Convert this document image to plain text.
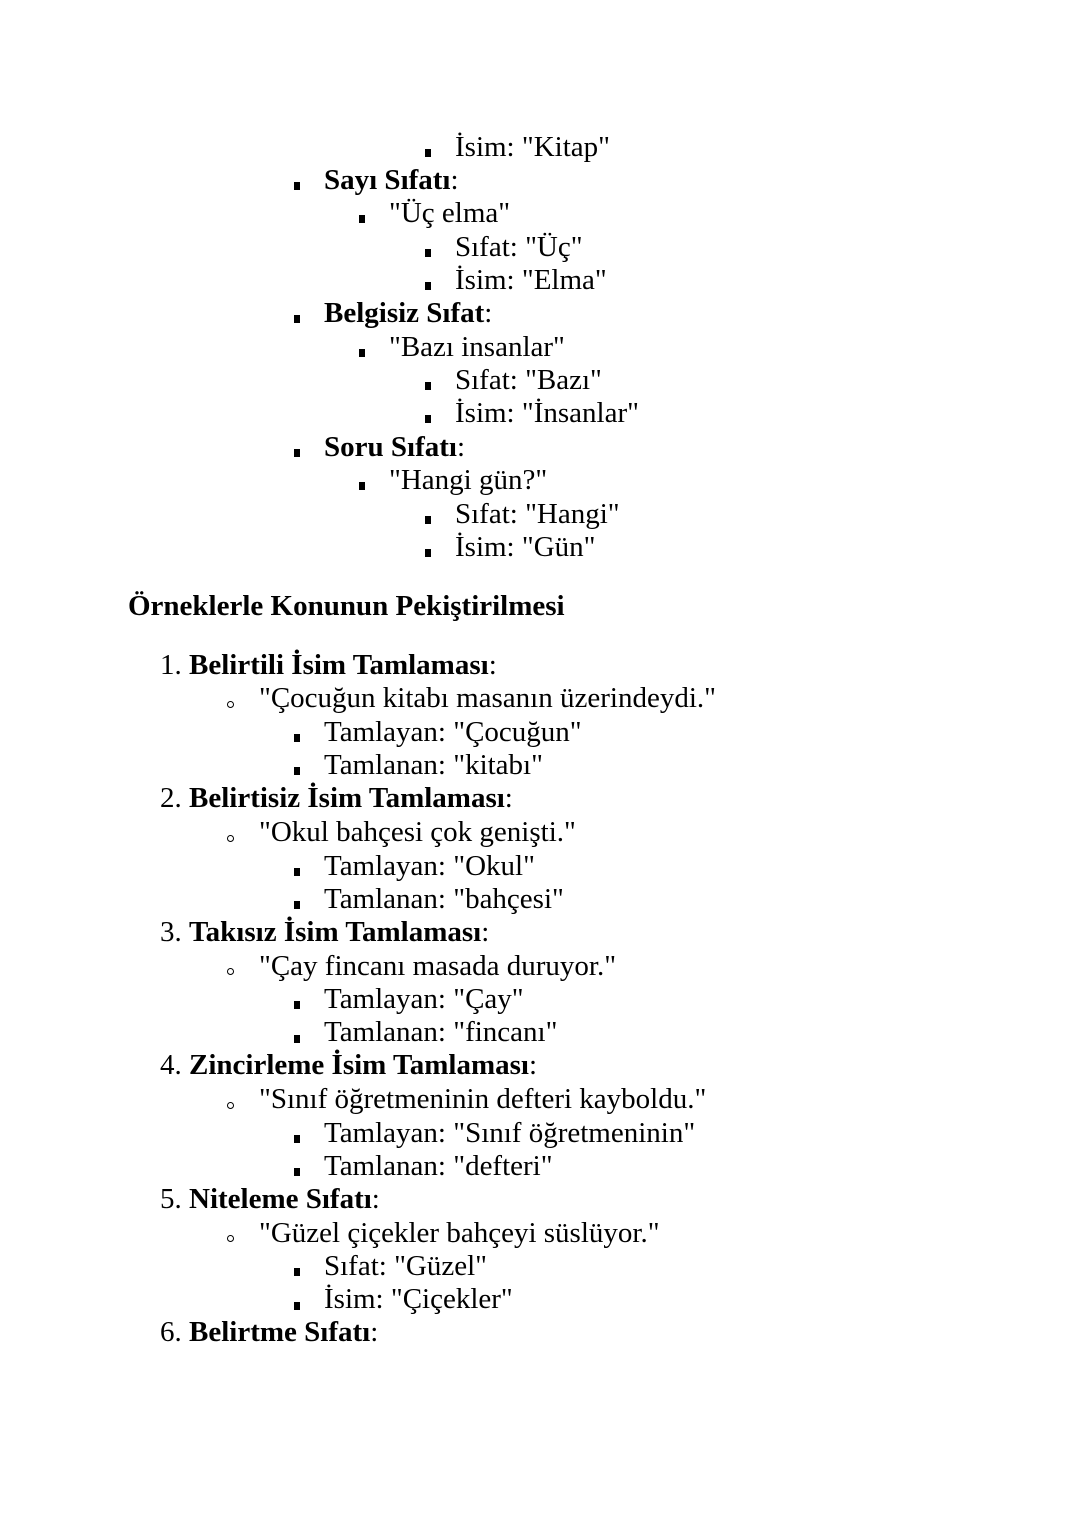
İsim: "Kitap"
Sayı Sıfatı:
"Üç elma"
Sıfat: "Üç"
İsim: "Elma"
Belgisiz Sıfat:
"Bazı insanlar"
Sıfat: "Bazı"
İsim: "İnsanlar"
Soru Sıfatı:
"Hangi gün?"
Sıfat: "Hangi"
İsim: "Gün"
Örneklerle Konunun Pekiştirilmesi
1. Belirtili İsim Tamlaması:
"Çocuğun kitabı masanın üzerindeydi."
Tamlayan: "Çocuğun"
Tamlanan: "kitabı"
2. Belirtisiz İsim Tamlaması:
"Okul bahçesi çok genişti."
Tamlayan: "Okul"
Tamlanan: "bahçesi"
3. Takısız İsim Tamlaması:
"Çay fincanı masada duruyor."
Tamlayan: "Çay"
Tamlanan: "fincanı"
4. Zincirleme İsim Tamlaması:
"Sınıf öğretmeninin defteri kayboldu."
Tamlayan: "Sınıf öğretmeninin"
Tamlanan: "defteri"
5. Niteleme Sıfatı:
"Güzel çiçekler bahçeyi süslüyor."
Sıfat: "Güzel"
İsim: "Çiçekler"
6. Belirtme Sıfatı:
